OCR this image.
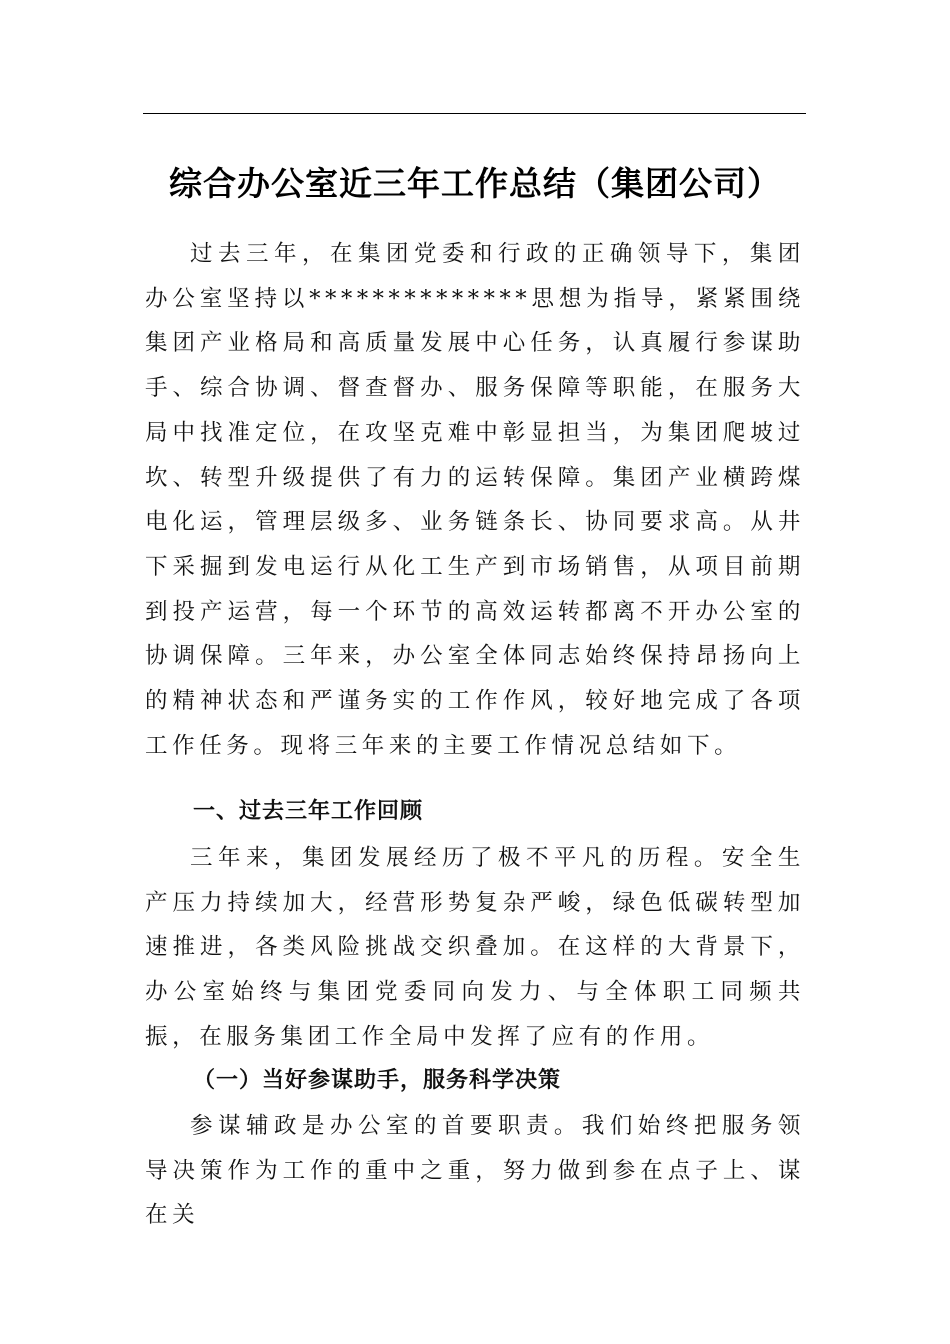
综合办公室近三年工作总结（集团公司）

过去三年，在集团党委和行政的正确领导下，集团办公室坚持以**************思想为指导，紧紧围绕集团产业格局和高质量发展中心任务，认真履行参谋助手、综合协调、督查督办、服务保障等职能，在服务大局中找准定位，在攻坚克难中彰显担当，为集团爬坡过坎、转型升级提供了有力的运转保障。集团产业横跨煤电化运，管理层级多、业务链条长、协同要求高。从井下采掘到发电运行从化工生产到市场销售，从项目前期到投产运营，每一个环节的高效运转都离不开办公室的协调保障。三年来，办公室全体同志始终保持昂扬向上的精神状态和严谨务实的工作作风，较好地完成了各项工作任务。现将三年来的主要工作情况总结如下。

一、过去三年工作回顾

三年来，集团发展经历了极不平凡的历程。安全生产压力持续加大，经营形势复杂严峻，绿色低碳转型加速推进，各类风险挑战交织叠加。在这样的大背景下，办公室始终与集团党委同向发力、与全体职工同频共振，在服务集团工作全局中发挥了应有的作用。

（一）当好参谋助手，服务科学决策

参谋辅政是办公室的首要职责。我们始终把服务领导决策作为工作的重中之重，努力做到参在点子上、谋在关
